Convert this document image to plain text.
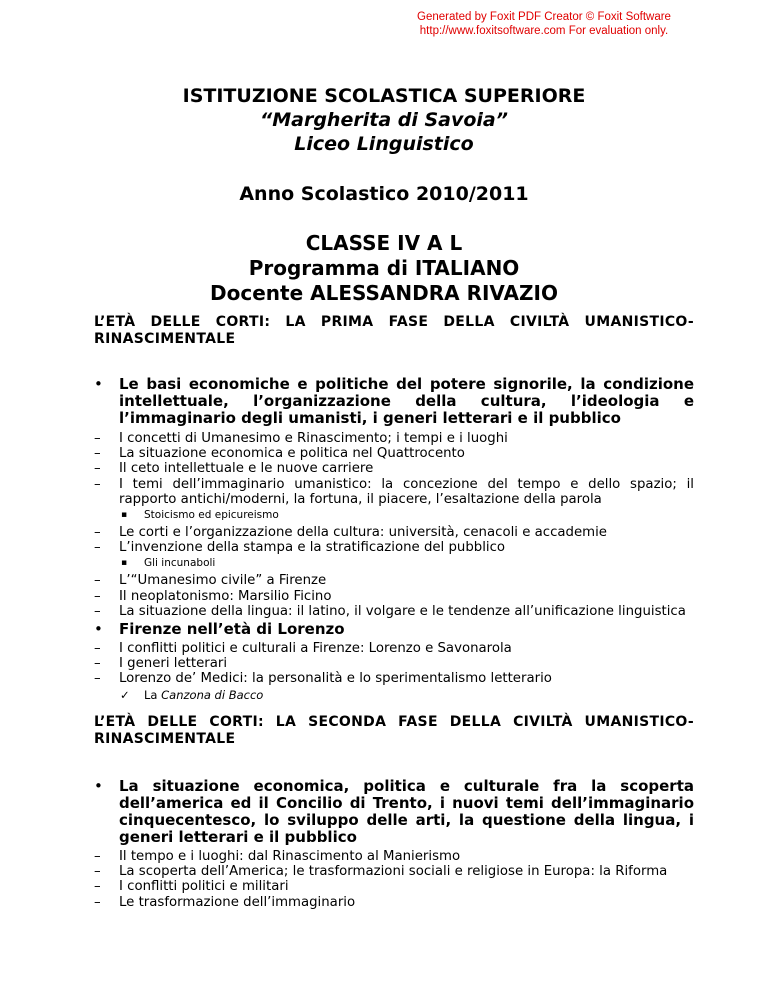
Generated by Foxit PDF Creator © Foxit Software
http://www.foxitsoftware.com For evaluation only.
ISTITUZIONE SCOLASTICA SUPERIORE
“Margherita di Savoia”
Liceo Linguistico
Anno Scolastico 2010/2011
CLASSE IV A L
Programma di ITALIANO
Docente ALESSANDRA RIVAZIO
L’ETÀ DELLE CORTI: LA PRIMA FASE DELLA CIVILTÀ UMANISTICO-RINASCIMENTALE
• Le basi economiche e politiche del potere signorile, la condizione intellettuale, l’organizzazione della cultura, l’ideologia e l’immaginario degli umanisti, i generi letterari e il pubblico
– I concetti di Umanesimo e Rinascimento; i tempi e i luoghi
– La situazione economica e politica nel Quattrocento
– Il ceto intellettuale e le nuove carriere
– I temi dell’immaginario umanistico: la concezione del tempo e dello spazio; il rapporto antichi/moderni, la fortuna, il piacere, l’esaltazione della parola
▪ Stoicismo ed epicureismo
– Le corti e l’organizzazione della cultura: università, cenacoli e accademie
– L’invenzione della stampa e la stratificazione del pubblico
▪ Gli incunaboli
– L’“Umanesimo civile” a Firenze
– Il neoplatonismo: Marsilio Ficino
– La situazione della lingua: il latino, il volgare e le tendenze all’unificazione linguistica
• Firenze nell’età di Lorenzo
– I conflitti politici e culturali a Firenze: Lorenzo e Savonarola
– I generi letterari
– Lorenzo de’ Medici: la personalità e lo sperimentalismo letterario
✓ La Canzona di Bacco
L’ETÀ DELLE CORTI: LA SECONDA FASE DELLA CIVILTÀ UMANISTICO-RINASCIMENTALE
• La situazione economica, politica e culturale fra la scoperta dell’america ed il Concilio di Trento, i nuovi temi dell’immaginario cinquecentesco, lo sviluppo delle arti, la questione della lingua, i generi letterari e il pubblico
– Il tempo e i luoghi: dal Rinascimento al Manierismo
– La scoperta dell’America; le trasformazioni sociali e religiose in Europa: la Riforma
– I conflitti politici e militari
– Le trasformazione dell’immaginario
